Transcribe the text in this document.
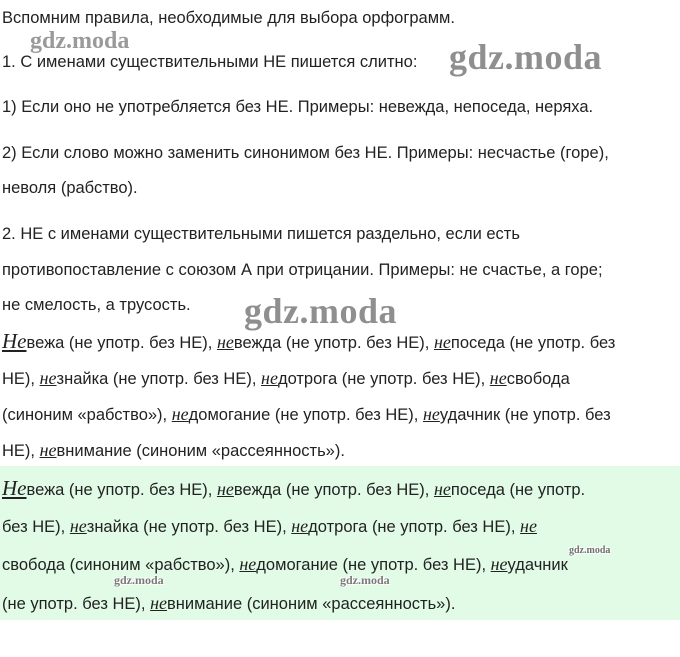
Вспомним правила, необходимые для выбора орфограмм.
1. С именами существительными НЕ пишется слитно:
1) Если оно не употребляется без НЕ. Примеры: невежда, непоседа, неряха.
2) Если слово можно заменить синонимом без НЕ. Примеры: несчастье (горе),
неволя (рабство).
2. НЕ с именами существительными пишется раздельно, если есть
противопоставление с союзом А при отрицании. Примеры: не счастье, а горе;
не смелость, а трусость.
Невежа (не употр. без НЕ), невежда (не употр. без НЕ), непоседа (не употр. без
НЕ), незнайка (не употр. без НЕ), недотрога (не употр. без НЕ), несвобода
(синоним «рабство»), недомогание (не употр. без НЕ), неудачник (не употр. без
НЕ), невнимание (синоним «рассеянность»).
Невежа (не употр. без НЕ), невежда (не употр. без НЕ), непоседа (не употр.
без НЕ), незнайка (не употр. без НЕ), недотрога (не употр. без НЕ), не
свобода (синоним «рабство»), недомогание (не употр. без НЕ), неудачник
(не употр. без НЕ), невнимание (синоним «рассеянность»).
gdz.moda	gdz.moda
gdz.moda
gdz.moda	gdz.moda
gdz.moda
